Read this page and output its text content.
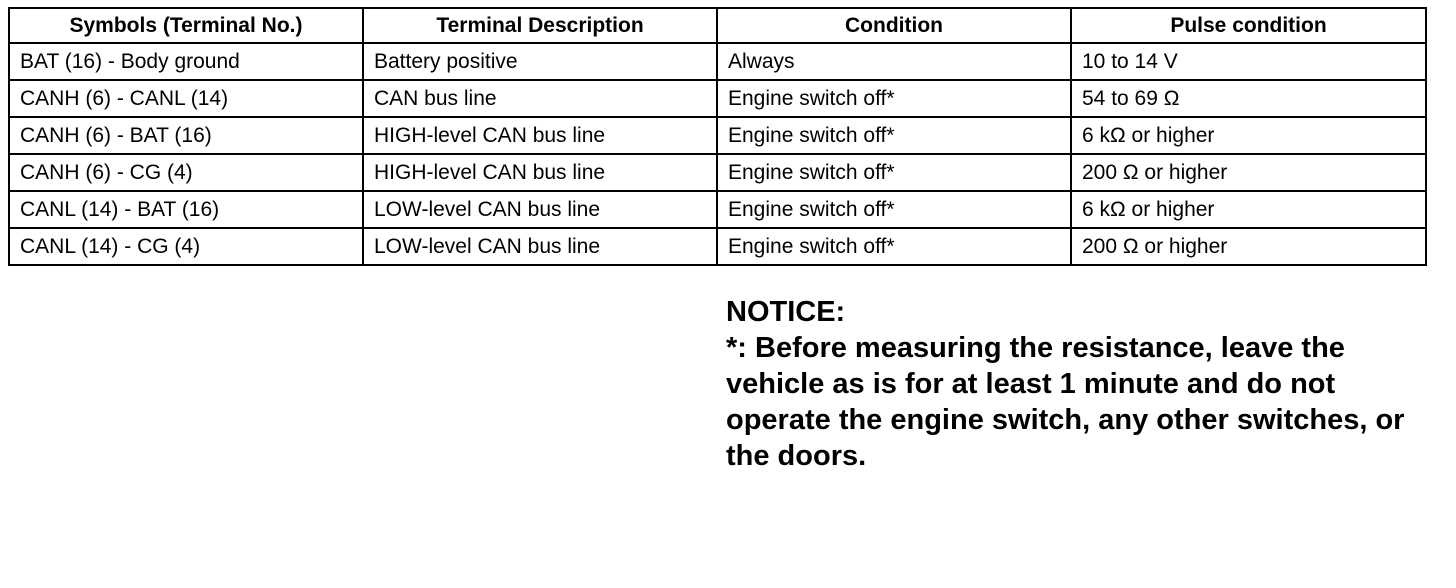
Symbols (Terminal No.)	Terminal Description	Condition	Pulse condition
BAT (16) - Body ground	Battery positive	Always	10 to 14 V
CANH (6) - CANL (14)	CAN bus line	Engine switch off*	54 to 69 Ω
CANH (6) - BAT (16)	HIGH-level CAN bus line	Engine switch off*	6 kΩ or higher
CANH (6) - CG (4)	HIGH-level CAN bus line	Engine switch off*	200 Ω or higher
CANL (14) - BAT (16)	LOW-level CAN bus line	Engine switch off*	6 kΩ or higher
CANL (14) - CG (4)	LOW-level CAN bus line	Engine switch off*	200 Ω or higher
NOTICE:
*: Before measuring the resistance, leave the vehicle as is for at least 1 minute and do not operate the engine switch, any other switches, or the doors.
